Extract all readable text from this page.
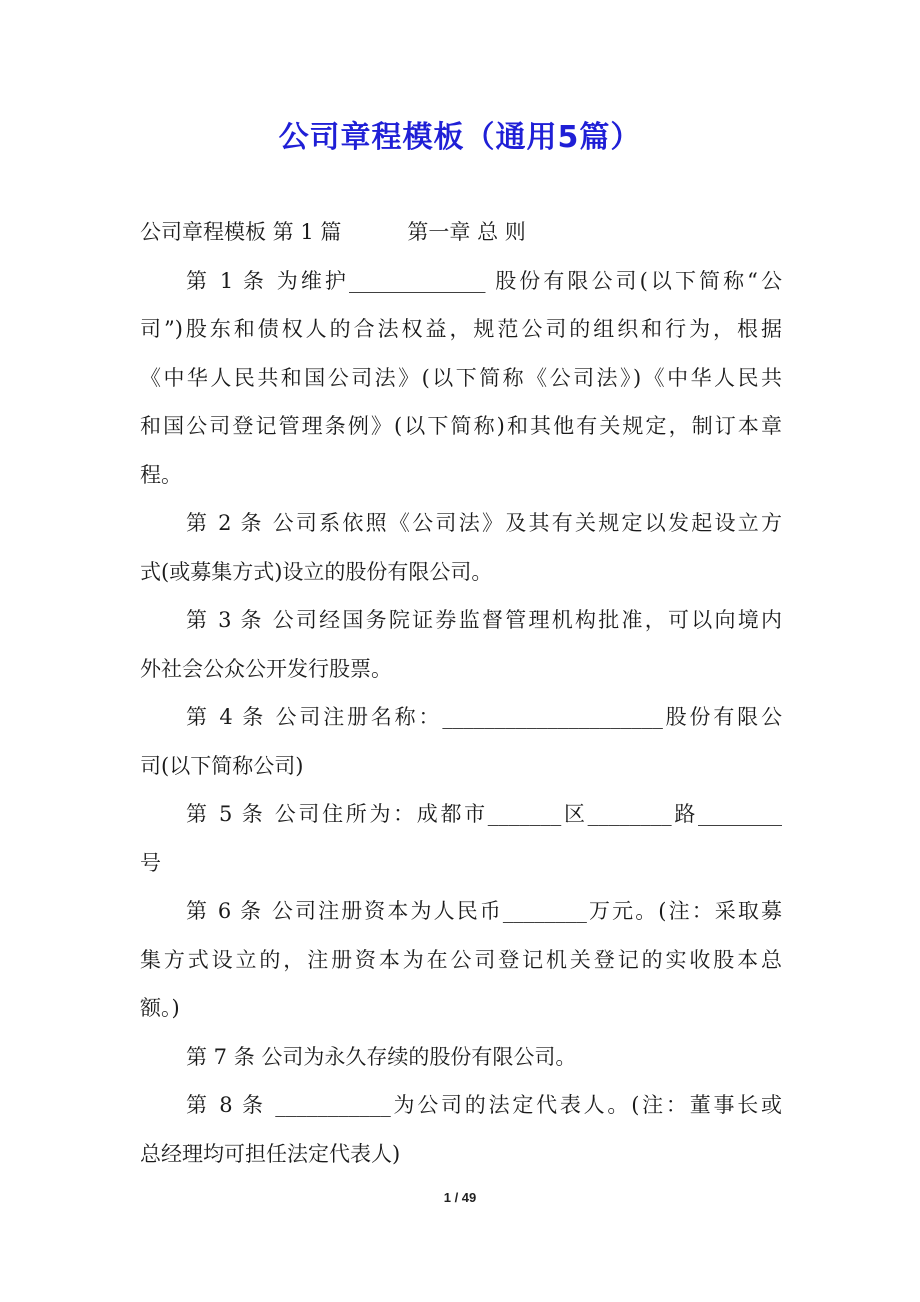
公司章程模板（通用5篇）
公司章程模板 第 1 篇	第一章 总 则
第 1 条 为维护_____________ 股份有限公司(以下简称“公
司”)股东和债权人的合法权益，规范公司的组织和行为，根据
《中华人民共和国公司法》(以下简称《公司法》)《中华人民共
和国公司登记管理条例》(以下简称)和其他有关规定，制订本章
程。
第 2 条 公司系依照《公司法》及其有关规定以发起设立方
式(或募集方式)设立的股份有限公司。
第 3 条 公司经国务院证券监督管理机构批准，可以向境内
外社会公众公开发行股票。
第 4 条 公司注册名称：_____________________股份有限公
司(以下简称公司)
第 5 条 公司住所为：成都市_______区________路________
号
第 6 条 公司注册资本为人民币________万元。(注：采取募
集方式设立的，注册资本为在公司登记机关登记的实收股本总
额。)
第 7 条 公司为永久存续的股份有限公司。
第 8 条 ___________为公司的法定代表人。(注：董事长或
总经理均可担任法定代表人)
1 / 49
